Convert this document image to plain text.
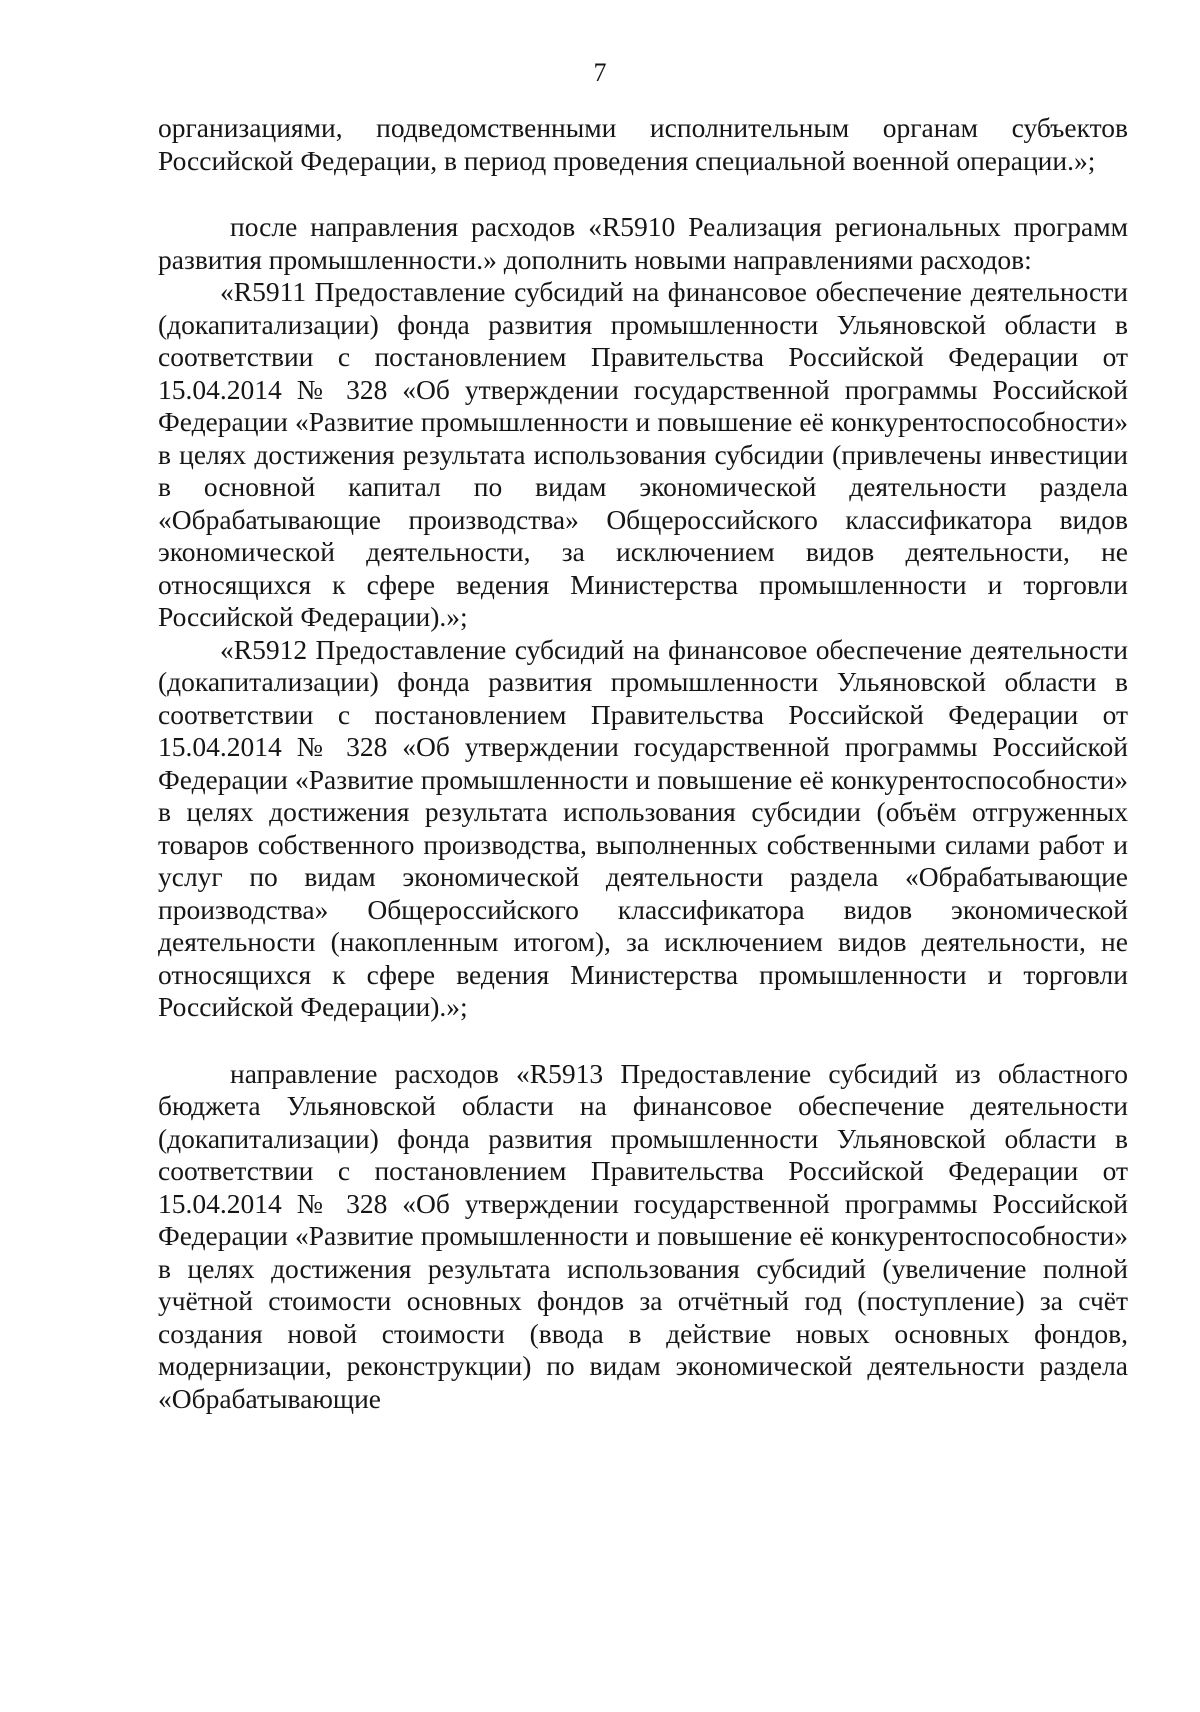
7

организациями, подведомственными исполнительным органам субъектов Российской Федерации, в период проведения специальной военной операции.»;

после направления расходов «R5910 Реализация региональных программ развития промышленности.» дополнить новыми направлениями расходов:

«R5911 Предоставление субсидий на финансовое обеспечение деятельности (докапитализации) фонда развития промышленности Ульяновской области в соответствии с постановлением Правительства Российской Федерации от 15.04.2014 № 328 «Об утверждении государственной программы Российской Федерации «Развитие промышленности и повышение её конкурентоспособности» в целях достижения результата использования субсидии (привлечены инвестиции в основной капитал по видам экономической деятельности раздела «Обрабатывающие производства» Общероссийского классификатора видов экономической деятельности, за исключением видов деятельности, не относящихся к сфере ведения Министерства промышленности и торговли Российской Федерации).»;

«R5912 Предоставление субсидий на финансовое обеспечение деятельности (докапитализации) фонда развития промышленности Ульяновской области в соответствии с постановлением Правительства Российской Федерации от 15.04.2014 № 328 «Об утверждении государственной программы Российской Федерации «Развитие промышленности и повышение её конкурентоспособности» в целях достижения результата использования субсидии (объём отгруженных товаров собственного производства, выполненных собственными силами работ и услуг по видам экономической деятельности раздела «Обрабатывающие производства» Общероссийского классификатора видов экономической деятельности (накопленным итогом), за исключением видов деятельности, не относящихся к сфере ведения Министерства промышленности и торговли Российской Федерации).»;

направление расходов «R5913 Предоставление субсидий из областного бюджета Ульяновской области на финансовое обеспечение деятельности (докапитализации) фонда развития промышленности Ульяновской области в соответствии с постановлением Правительства Российской Федерации от 15.04.2014 № 328 «Об утверждении государственной программы Российской Федерации «Развитие промышленности и повышение её конкурентоспособности» в целях достижения результата использования субсидий (увеличение полной учётной стоимости основных фондов за отчётный год (поступление) за счёт создания новой стоимости (ввода в действие новых основных фондов, модернизации, реконструкции) по видам экономической деятельности раздела «Обрабатывающие
